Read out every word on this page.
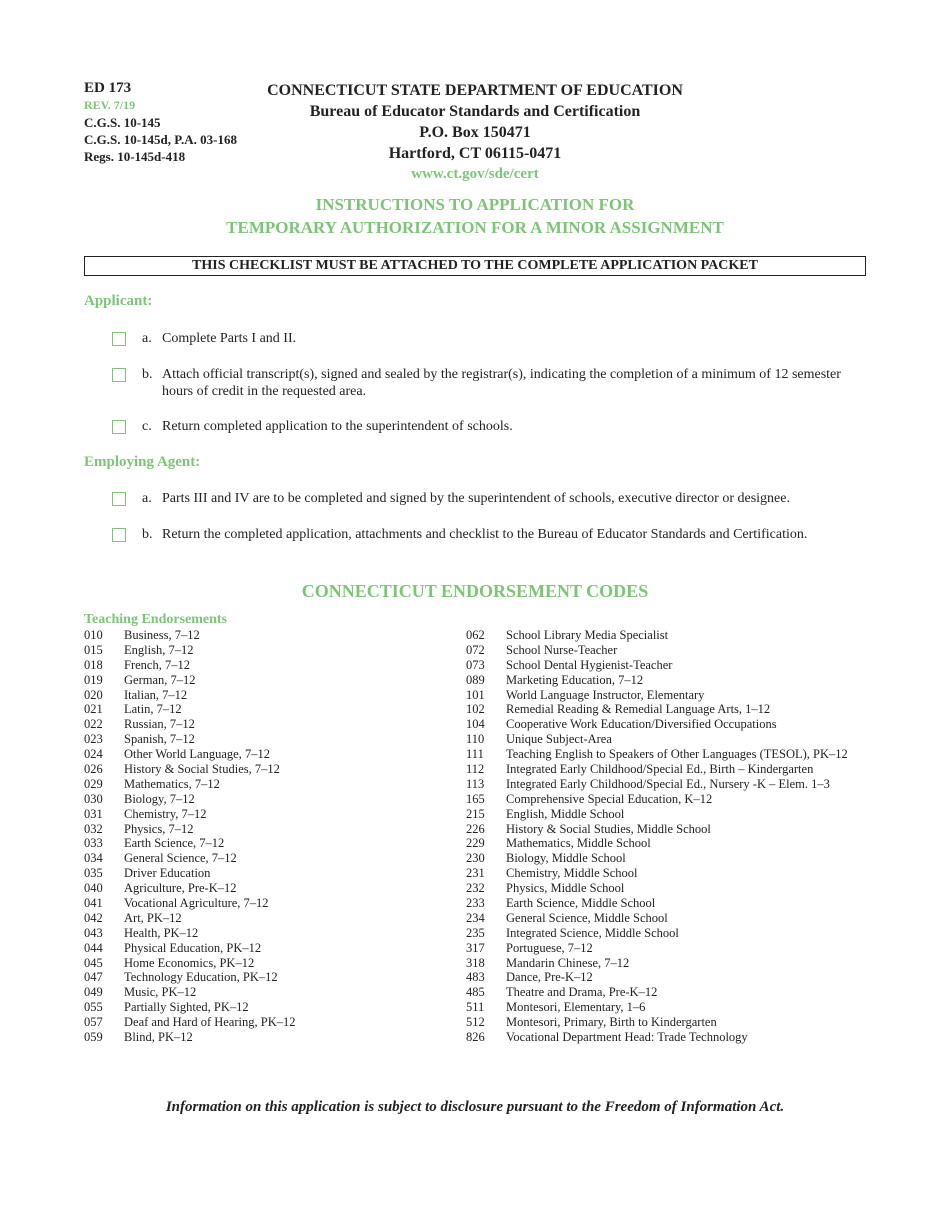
ED 173
REV. 7/19
C.G.S. 10-145
C.G.S. 10-145d, P.A. 03-168
Regs. 10-145d-418
CONNECTICUT STATE DEPARTMENT OF EDUCATION
Bureau of Educator Standards and Certification
P.O. Box 150471
Hartford, CT 06115-0471
www.ct.gov/sde/cert
INSTRUCTIONS TO APPLICATION FOR
TEMPORARY AUTHORIZATION FOR A MINOR ASSIGNMENT
THIS CHECKLIST MUST BE ATTACHED TO THE COMPLETE APPLICATION PACKET
Applicant:
a. Complete Parts I and II.
b. Attach official transcript(s), signed and sealed by the registrar(s), indicating the completion of a minimum of 12 semester hours of credit in the requested area.
c. Return completed application to the superintendent of schools.
Employing Agent:
a. Parts III and IV are to be completed and signed by the superintendent of schools, executive director or designee.
b. Return the completed application, attachments and checklist to the Bureau of Educator Standards and Certification.
CONNECTICUT ENDORSEMENT CODES
Teaching Endorsements
010	Business, 7–12
015	English, 7–12
018	French, 7–12
019	German, 7–12
020	Italian, 7–12
021	Latin, 7–12
022	Russian, 7–12
023	Spanish, 7–12
024	Other World Language, 7–12
026	History & Social Studies, 7–12
029	Mathematics, 7–12
030	Biology, 7–12
031	Chemistry, 7–12
032	Physics, 7–12
033	Earth Science, 7–12
034	General Science, 7–12
035	Driver Education
040	Agriculture, Pre-K–12
041	Vocational Agriculture, 7–12
042	Art, PK–12
043	Health, PK–12
044	Physical Education, PK–12
045	Home Economics, PK–12
047	Technology Education, PK–12
049	Music, PK–12
055	Partially Sighted, PK–12
057	Deaf and Hard of Hearing, PK–12
059	Blind, PK–12
062	School Library Media Specialist
072	School Nurse-Teacher
073	School Dental Hygienist-Teacher
089	Marketing Education, 7–12
101	World Language Instructor, Elementary
102	Remedial Reading & Remedial Language Arts, 1–12
104	Cooperative Work Education/Diversified Occupations
110	Unique Subject-Area
111	Teaching English to Speakers of Other Languages (TESOL), PK–12
112	Integrated Early Childhood/Special Ed., Birth – Kindergarten
113	Integrated Early Childhood/Special Ed., Nursery -K – Elem. 1–3
165	Comprehensive Special Education, K–12
215	English, Middle School
226	History & Social Studies, Middle School
229	Mathematics, Middle School
230	Biology, Middle School
231	Chemistry, Middle School
232	Physics, Middle School
233	Earth Science, Middle School
234	General Science, Middle School
235	Integrated Science, Middle School
317	Portuguese, 7–12
318	Mandarin Chinese, 7–12
483	Dance, Pre-K–12
485	Theatre and Drama, Pre-K–12
511	Montesori, Elementary, 1–6
512	Montesori, Primary, Birth to Kindergarten
826	Vocational Department Head: Trade Technology
Information on this application is subject to disclosure pursuant to the Freedom of Information Act.
